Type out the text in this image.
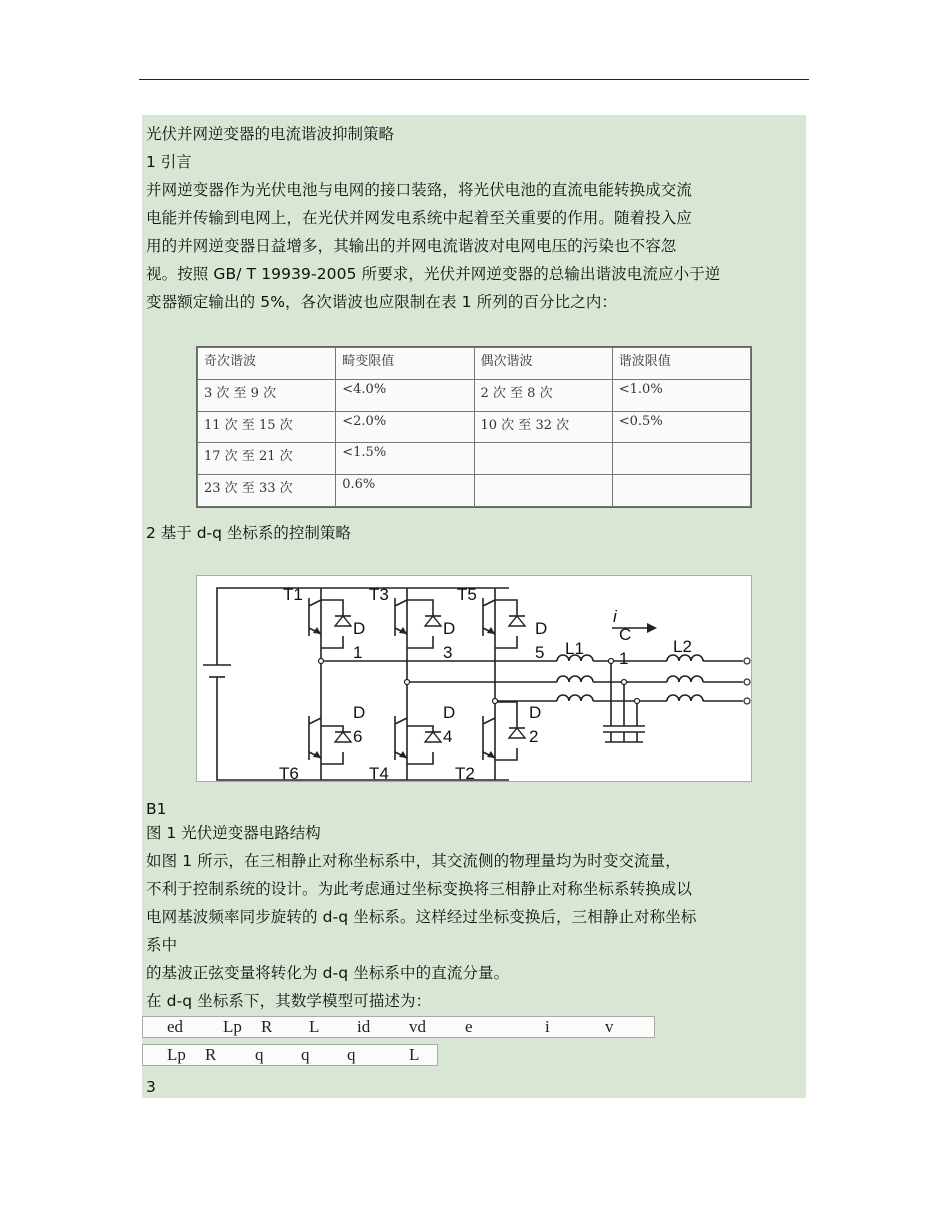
光伏并网逆变器的电流谐波抑制策略
1 引言
并网逆变器作为光伏电池与电网的接口装臵，将光伏电池的直流电能转换成交流
电能并传输到电网上，在光伏并网发电系统中起着至关重要的作用。随着投入应
用的并网逆变器日益增多，其输出的并网电流谐波对电网电压的污染也不容忽
视。按照 GB/ T 19939-2005 所要求，光伏并网逆变器的总输出谐波电流应小于逆
变器额定输出的 5%，各次谐波也应限制在表 1 所列的百分比之内：
奇次谐波	畸变限值	偶次谐波	谐波限值
3 次 至 9 次	<4.0%	2 次 至 8 次	<1.0%
11 次 至 15 次	<2.0%	10 次 至 32 次	<0.5%
17 次 至 21 次	<1.5%		
23 次 至 33 次	0.6%		
2 基于 d-q 坐标系的控制策略
T1	T3	T5
T6	T4	T2
D
1
D
3
D
5
D
6
D
4
D
2
L1	L2
i
C
1
B1
图 1 光伏逆变器电路结构
如图 1 所示，在三相静止对称坐标系中，其交流侧的物理量均为时变交流量，
不利于控制系统的设计。为此考虑通过坐标变换将三相静止对称坐标系转换成以
电网基波频率同步旋转的 d-q 坐标系。这样经过坐标变换后，三相静止对称坐标
系中
的基波正弦变量将转化为 d-q 坐标系中的直流分量。
在 d-q 坐标系下，其数学模型可描述为：
ed Lp R L id vd e	i	v
Lp R q q q	L
3
